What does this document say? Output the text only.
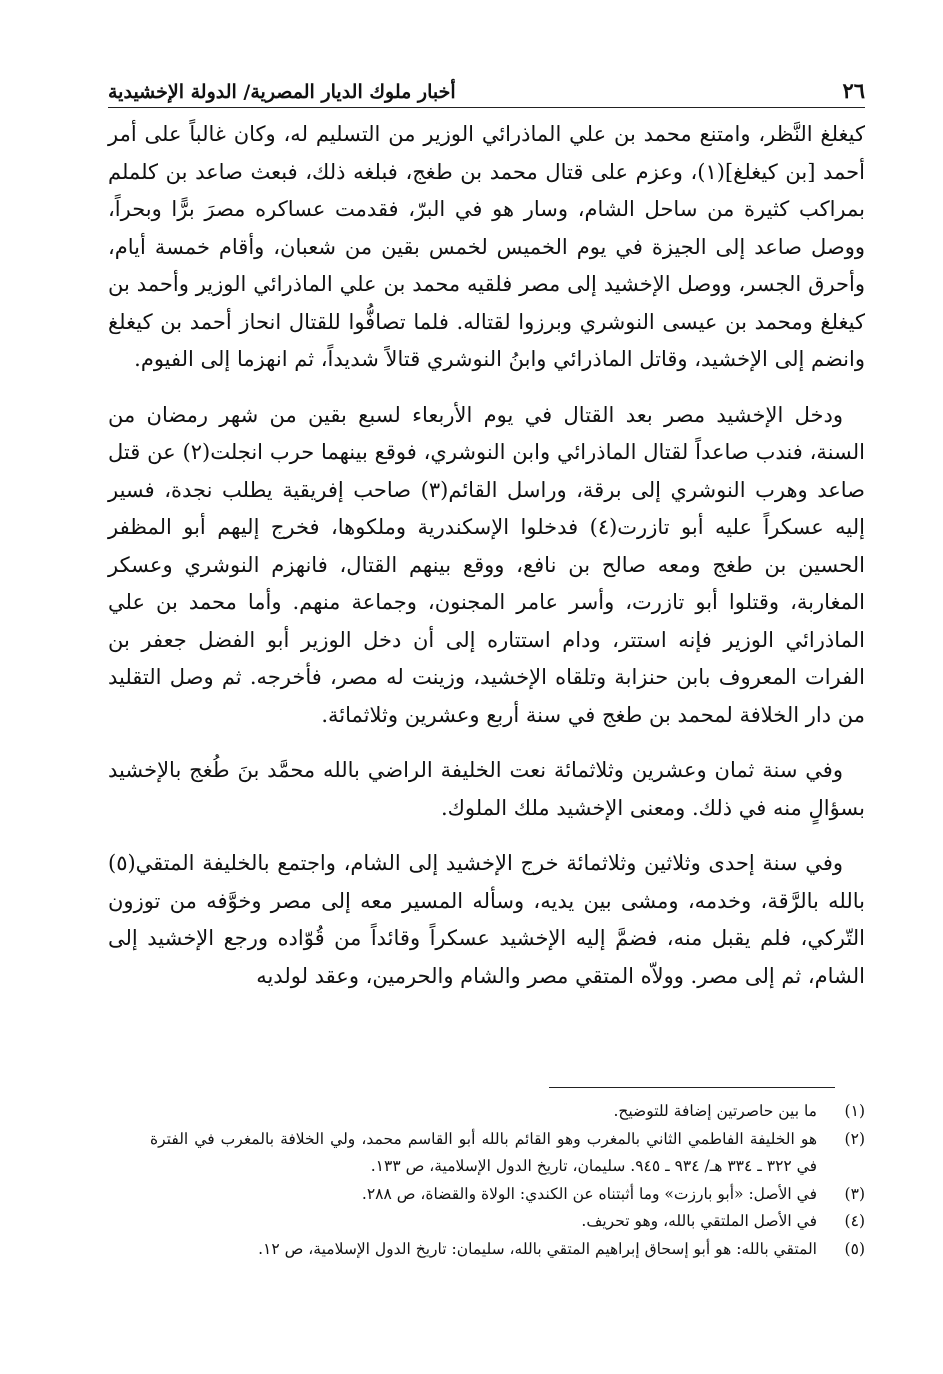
٢٦
أخبار ملوك الديار المصرية/ الدولة الإخشيدية

كيغلغ النَّظر، وامتنع محمد بن علي الماذرائي الوزير من التسليم له، وكان غالباً على أمر أحمد [بن كيغلغ](١)، وعزم على قتال محمد بن طغج، فبلغه ذلك، فبعث صاعد بن كلملم بمراكب كثيرة من ساحل الشام، وسار هو في البرّ، فقدمت عساكره مصرَ برًّا وبحراً، ووصل صاعد إلى الجيزة في يوم الخميس لخمس بقين من شعبان، وأقام خمسة أيام، وأحرق الجسر، ووصل الإخشيد إلى مصر فلقيه محمد بن علي الماذرائي الوزير وأحمد بن كيغلغ ومحمد بن عيسى النوشري وبرزوا لقتاله. فلما تصافُّوا للقتال انحاز أحمد بن كيغلغ وانضم إلى الإخشيد، وقاتل الماذرائي وابنُ النوشري قتالاً شديداً، ثم انهزما إلى الفيوم.

ودخل الإخشيد مصر بعد القتال في يوم الأربعاء لسبع بقين من شهر رمضان من السنة، فندب صاعداً لقتال الماذرائي وابن النوشري، فوقع بينهما حرب انجلت(٢) عن قتل صاعد وهرب النوشري إلى برقة، وراسل القائم(٣) صاحب إفريقية يطلب نجدة، فسير إليه عسكراً عليه أبو تازرت(٤) فدخلوا الإسكندرية وملكوها، فخرج إليهم أبو المظفر الحسين بن طغج ومعه صالح بن نافع، ووقع بينهم القتال، فانهزم النوشري وعسكر المغاربة، وقتلوا أبو تازرت، وأسر عامر المجنون، وجماعة منهم. وأما محمد بن علي الماذرائي الوزير فإنه استتر، ودام استتاره إلى أن دخل الوزير أبو الفضل جعفر بن الفرات المعروف بابن حنزابة وتلقاه الإخشيد، وزينت له مصر، فأخرجه. ثم وصل التقليد من دار الخلافة لمحمد بن طغج في سنة أربع وعشرين وثلاثمائة.

وفي سنة ثمان وعشرين وثلاثمائة نعت الخليفة الراضي بالله محمَّد بنَ طُغج بالإخشيد بسؤالٍ منه في ذلك. ومعنى الإخشيد ملك الملوك.

وفي سنة إحدى وثلاثين وثلاثمائة خرج الإخشيد إلى الشام، واجتمع بالخليفة المتقي(٥) بالله بالرَّقة، وخدمه، ومشى بين يديه، وسأله المسير معه إلى مصر وخوَّفه من توزون التّركي، فلم يقبل منه، فضمَّ إليه الإخشيد عسكراً وقائداً من قُوّاده ورجع الإخشيد إلى الشام، ثم إلى مصر. وولاّه المتقي مصر والشام والحرمين، وعقد لولديه

(١)
ما بين حاصرتين إضافة للتوضيح.
(٢)
هو الخليفة الفاطمي الثاني بالمغرب وهو القائم بالله أبو القاسم محمد، ولي الخلافة بالمغرب في الفترة في ٣٢٢ ـ ٣٣٤ هـ/ ٩٣٤ ـ ٩٤٥. سليمان، تاريخ الدول الإسلامية، ص ١٣٣.
(٣)
في الأصل: «أبو بارزت» وما أثبتناه عن الكندي: الولاة والقضاة، ص ٢٨٨.
(٤)
في الأصل الملتقي بالله، وهو تحريف.
(٥)
المتقي بالله: هو أبو إسحاق إبراهيم المتقي بالله، سليمان: تاريخ الدول الإسلامية، ص ١٢.
